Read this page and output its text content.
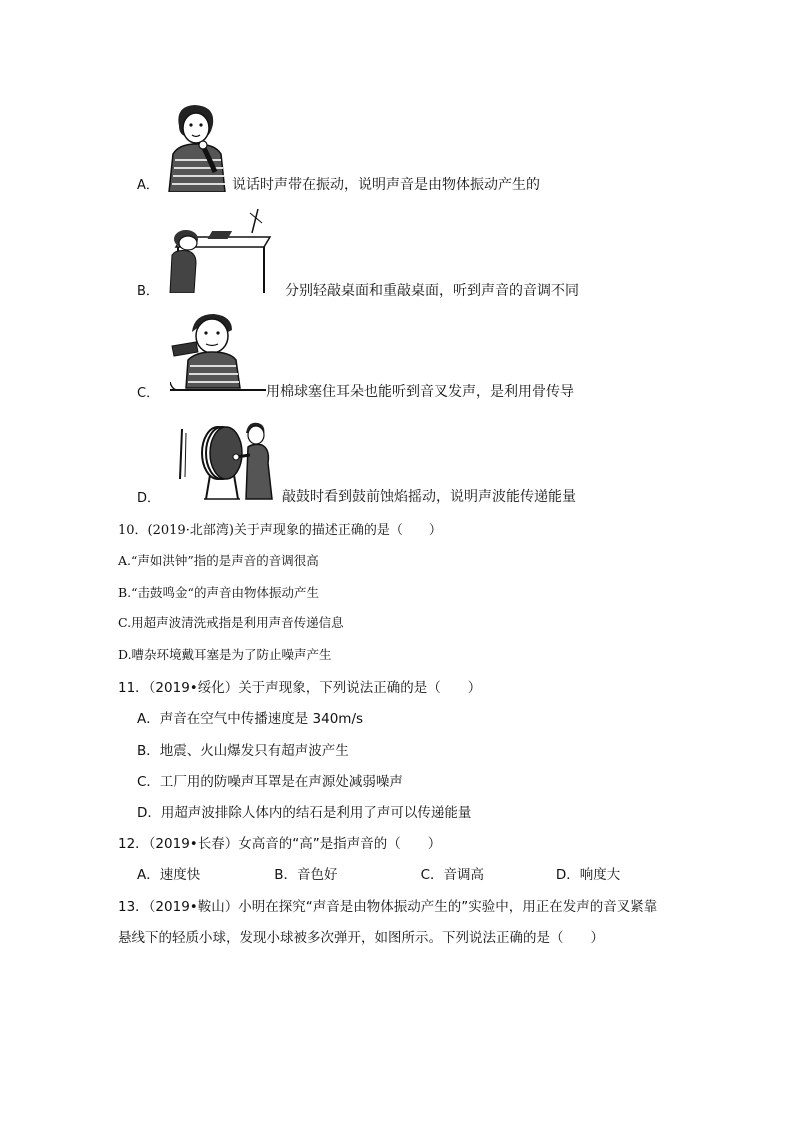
A．	说话时声带在振动，说明声音是由物体振动产生的
B．	分别轻敲桌面和重敲桌面，听到声音的音调不同
C．	用棉球塞住耳朵也能听到音叉发声，是利用骨传导
D．	敲鼓时看到鼓前蚀焰摇动，说明声波能传递能量
10．(2019·北部湾)关于声现象的描述正确的是（　　）
A.“声如洪钟”指的是声音的音调很高
B.“击鼓鸣金“的声音由物体振动产生
C.用超声波清洗戒指是利用声音传递信息
D.嘈杂环境戴耳塞是为了防止噪声产生
11．（2019•绥化）关于声现象，下列说法正确的是（　　）
A．声音在空气中传播速度是 340m/s
B．地震、火山爆发只有超声波产生
C．工厂用的防噪声耳罩是在声源处减弱噪声
D．用超声波排除人体内的结石是利用了声可以传递能量
12．（2019•长春）女高音的“高”是指声音的（　　）
A．速度快	B．音色好	C．音调高	D．响度大
13．（2019•鞍山）小明在探究“声音是由物体振动产生的”实验中，用正在发声的音叉紧靠
悬线下的轻质小球，发现小球被多次弹开，如图所示。下列说法正确的是（　　）
